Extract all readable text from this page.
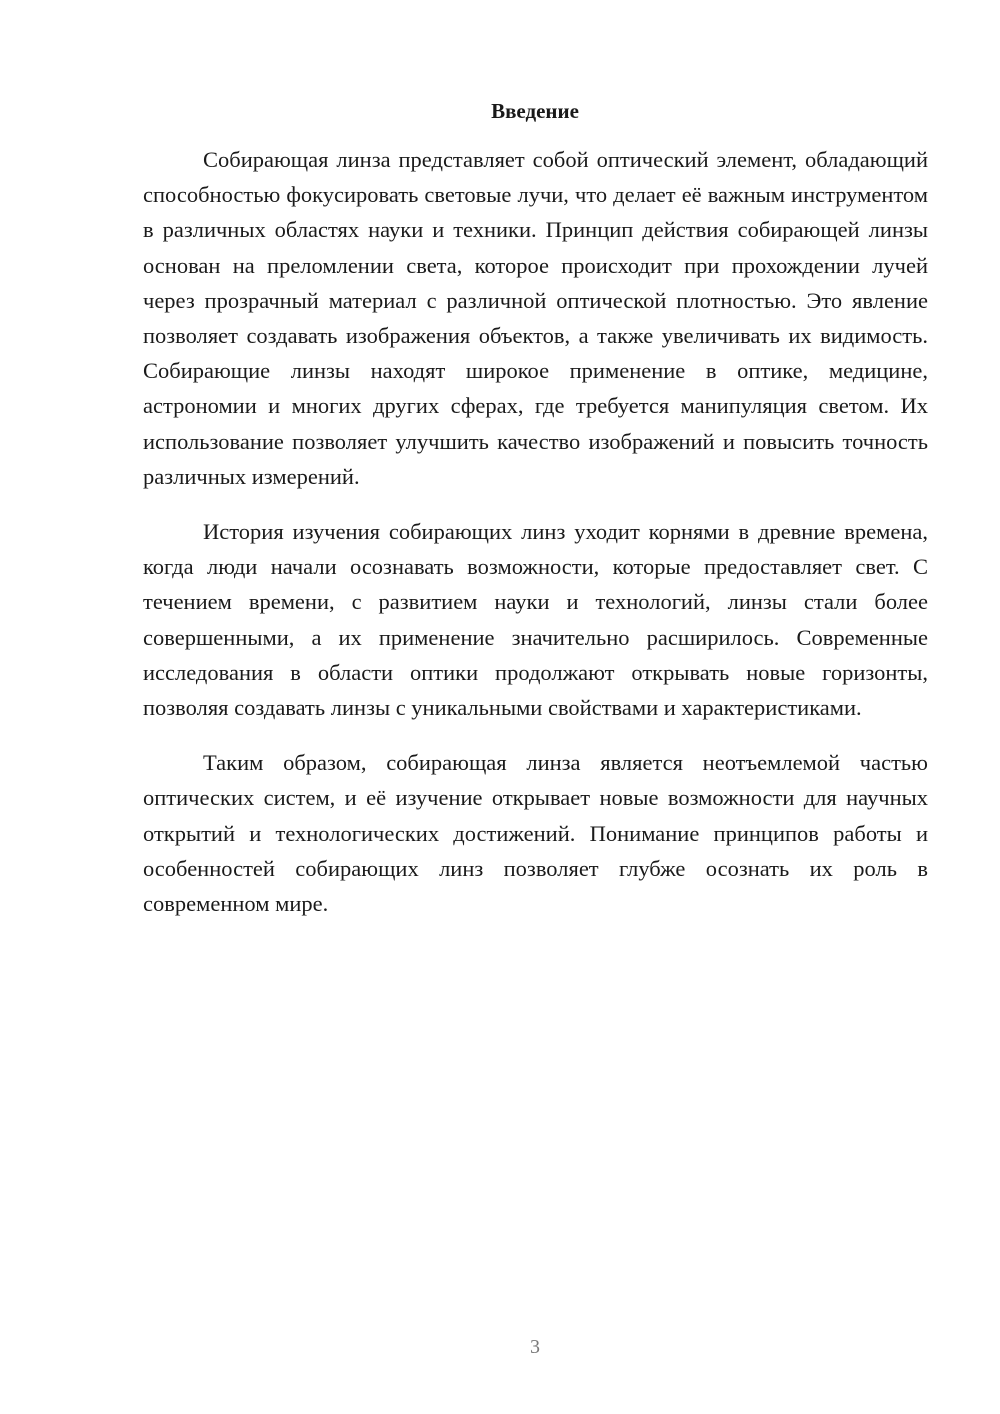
Введение

Собирающая линза представляет собой оптический элемент, обладающий способностью фокусировать световые лучи, что делает её важным инструментом в различных областях науки и техники. Принцип действия собирающей линзы основан на преломлении света, которое происходит при прохождении лучей через прозрачный материал с различной оптической плотностью. Это явление позволяет создавать изображения объектов, а также увеличивать их видимость. Собирающие линзы находят широкое применение в оптике, медицине, астрономии и многих других сферах, где требуется манипуляция светом. Их использование позволяет улучшить качество изображений и повысить точность различных измерений.

История изучения собирающих линз уходит корнями в древние времена, когда люди начали осознавать возможности, которые предоставляет свет. С течением времени, с развитием науки и технологий, линзы стали более совершенными, а их применение значительно расширилось. Современные исследования в области оптики продолжают открывать новые горизонты, позволяя создавать линзы с уникальными свойствами и характеристиками.

Таким образом, собирающая линза является неотъемлемой частью оптических систем, и её изучение открывает новые возможности для научных открытий и технологических достижений. Понимание принципов работы и особенностей собирающих линз позволяет глубже осознать их роль в современном мире.

3
